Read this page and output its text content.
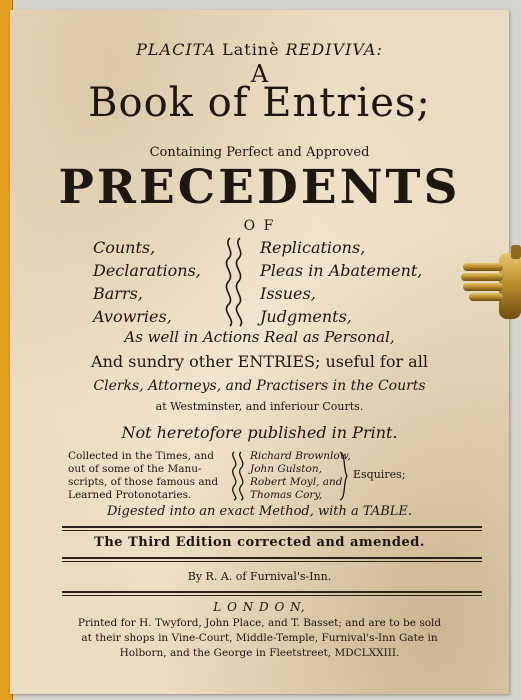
PLACITA Latinè REDIVIVA:
A
Book of Entries;
Containing Perfect and Approved
PRECEDENTS
O F
Counts,
Declarations,
Barrs,
Avowries,
Replications,
Pleas in Abatement,
Issues,
Judgments,
As well in Actions Real as Personal,
And sundry other ENTRIES; useful for all
Clerks, Attorneys, and Practisers in the Courts
at Westminster, and inferiour Courts.
Not heretofore published in Print.
Collected in the Times, and
out of some of the Manu-
scripts, of those famous and
Learned Protonotaries.
Richard Brownlow,
John Gulston,
Robert Moyl, and
Thomas Cory,
Esquires;
Digested into an exact Method, with a TABLE.
The Third Edition corrected and amended.
By R. A. of Furnival's-Inn.
L O N D O N,
Printed for H. Twyford, John Place, and T. Basset; and are to be sold
at their shops in Vine-Court, Middle-Temple, Furnival's-Inn Gate in
Holborn, and the George in Fleetstreet, MDCLXXIII.
